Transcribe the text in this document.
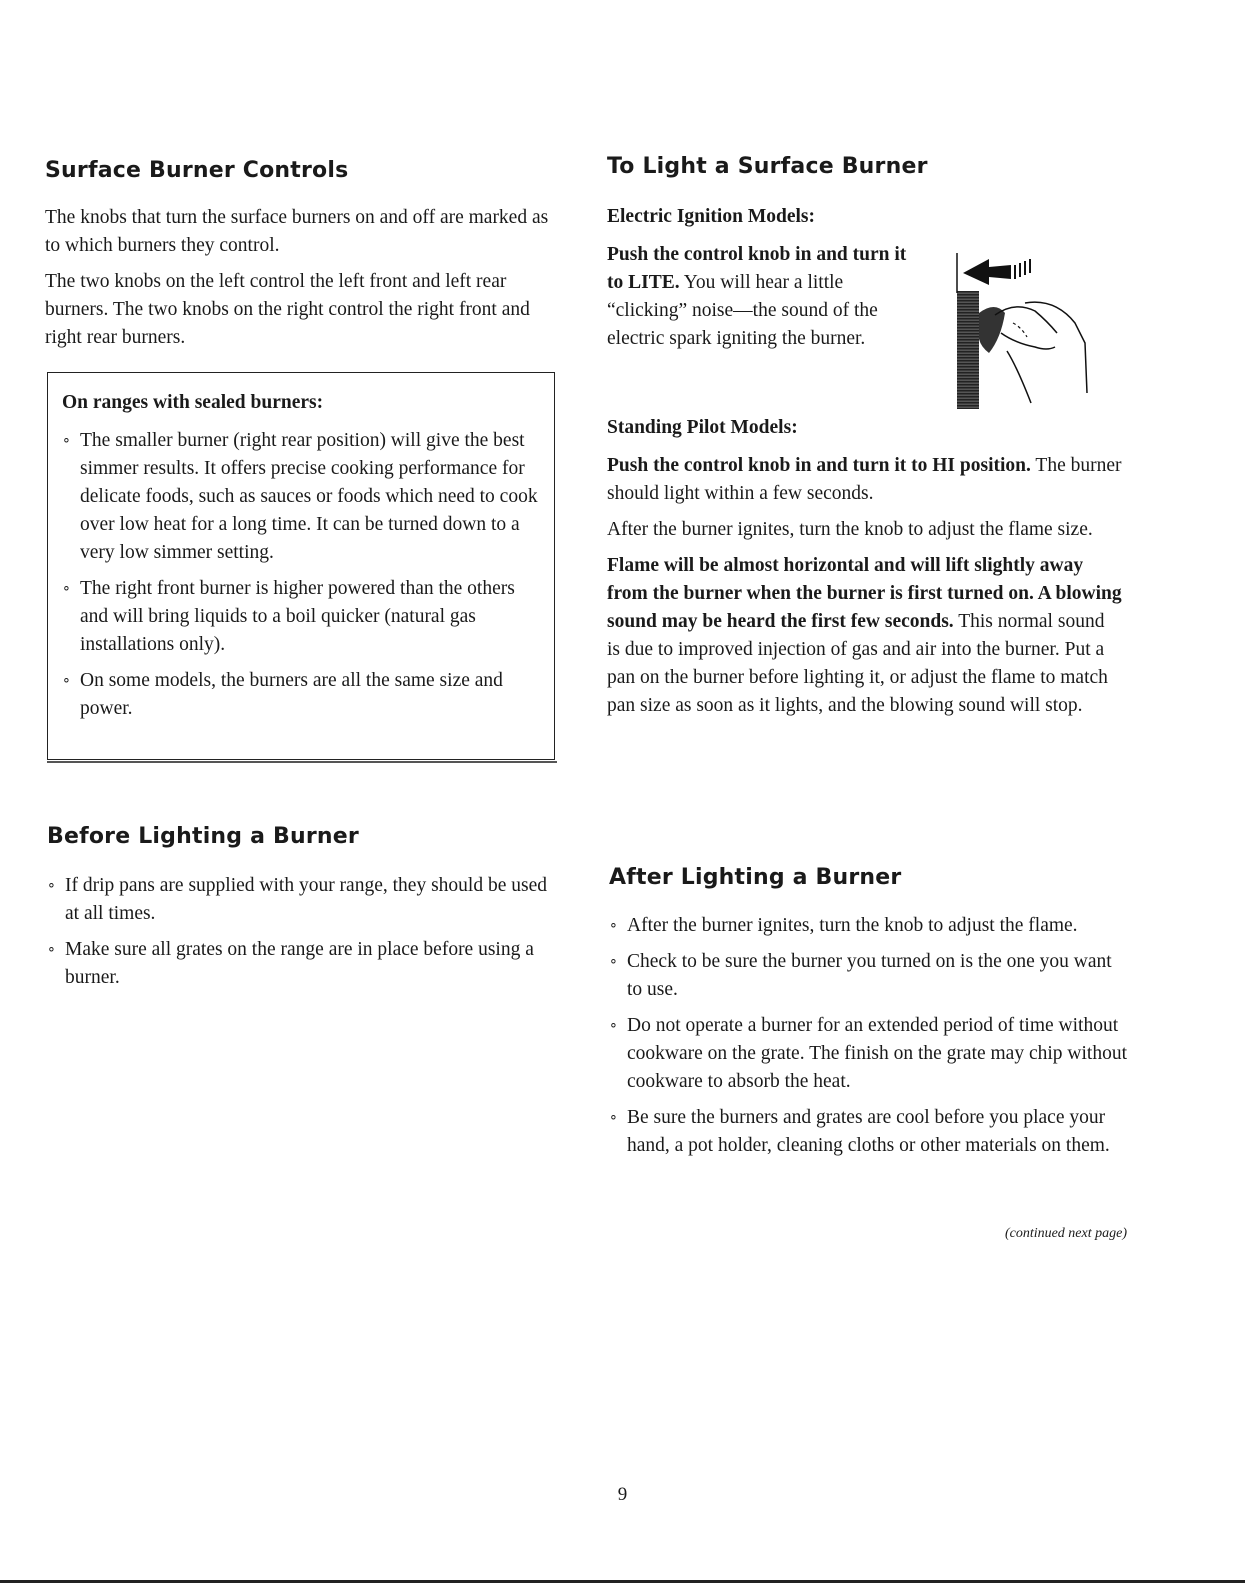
Surface Burner Controls

The knobs that turn the surface burners on and off are marked as to which burners they control.

The two knobs on the left control the left front and left rear burners. The two knobs on the right control the right front and right rear burners.

On ranges with sealed burners:

∘ The smaller burner (right rear position) will give the best simmer results. It offers precise cooking performance for delicate foods, such as sauces or foods which need to cook over low heat for a long time. It can be turned down to a very low simmer setting.
∘ The right front burner is higher powered than the others and will bring liquids to a boil quicker (natural gas installations only).
∘ On some models, the burners are all the same size and power.
Before Lighting a Burner
∘ If drip pans are supplied with your range, they should be used at all times.
∘ Make sure all grates on the range are in place before using a burner.
To Light a Surface Burner

Electric Ignition Models:

Push the control knob in and turn it to LITE. You will hear a little “clicking” noise—the sound of the electric spark igniting the burner.

Standing Pilot Models:

Push the control knob in and turn it to HI position. The burner should light within a few seconds.

After the burner ignites, turn the knob to adjust the flame size.

Flame will be almost horizontal and will lift slightly away from the burner when the burner is first turned on. A blowing sound may be heard the first few seconds. This normal sound is due to improved injection of gas and air into the burner. Put a pan on the burner before lighting it, or adjust the flame to match pan size as soon as it lights, and the blowing sound will stop.

After Lighting a Burner
∘ After the burner ignites, turn the knob to adjust the flame.
∘ Check to be sure the burner you turned on is the one you want to use.
∘ Do not operate a burner for an extended period of time without cookware on the grate. The finish on the grate may chip without cookware to absorb the heat.
∘ Be sure the burners and grates are cool before you place your hand, a pot holder, cleaning cloths or other materials on them.
(continued next page)
9
